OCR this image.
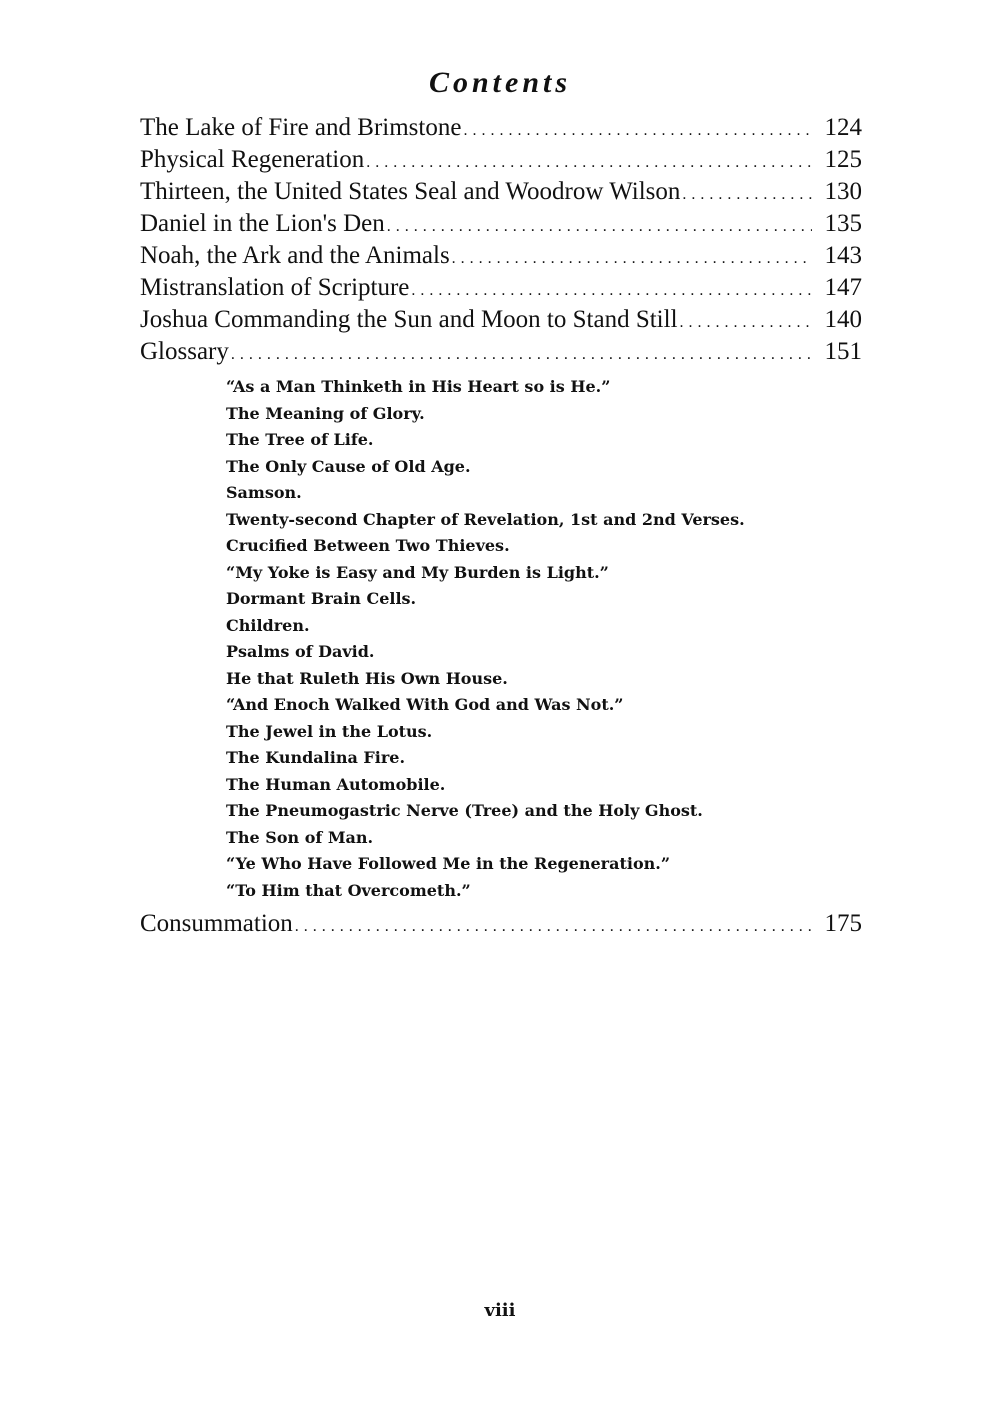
Contents
The Lake of Fire and Brimstone .....	124
Physical Regeneration .....	125
Thirteen, the United States Seal and Woodrow Wilson .....	130
Daniel in the Lion's Den .....	135
Noah, the Ark and the Animals .....	143
Mistranslation of Scripture .....	147
Joshua Commanding the Sun and Moon to Stand Still .....	140
Glossary .....	151
“As a Man Thinketh in His Heart so is He.”
The Meaning of Glory.
The Tree of Life.
The Only Cause of Old Age.
Samson.
Twenty-second Chapter of Revelation, 1st and 2nd Verses.
Crucified Between Two Thieves.
“My Yoke is Easy and My Burden is Light.”
Dormant Brain Cells.
Children.
Psalms of David.
He that Ruleth His Own House.
“And Enoch Walked With God and Was Not.”
The Jewel in the Lotus.
The Kundalina Fire.
The Human Automobile.
The Pneumogastric Nerve (Tree) and the Holy Ghost.
The Son of Man.
“Ye Who Have Followed Me in the Regeneration.”
“To Him that Overcometh.”
Consummation .....	175
viii
